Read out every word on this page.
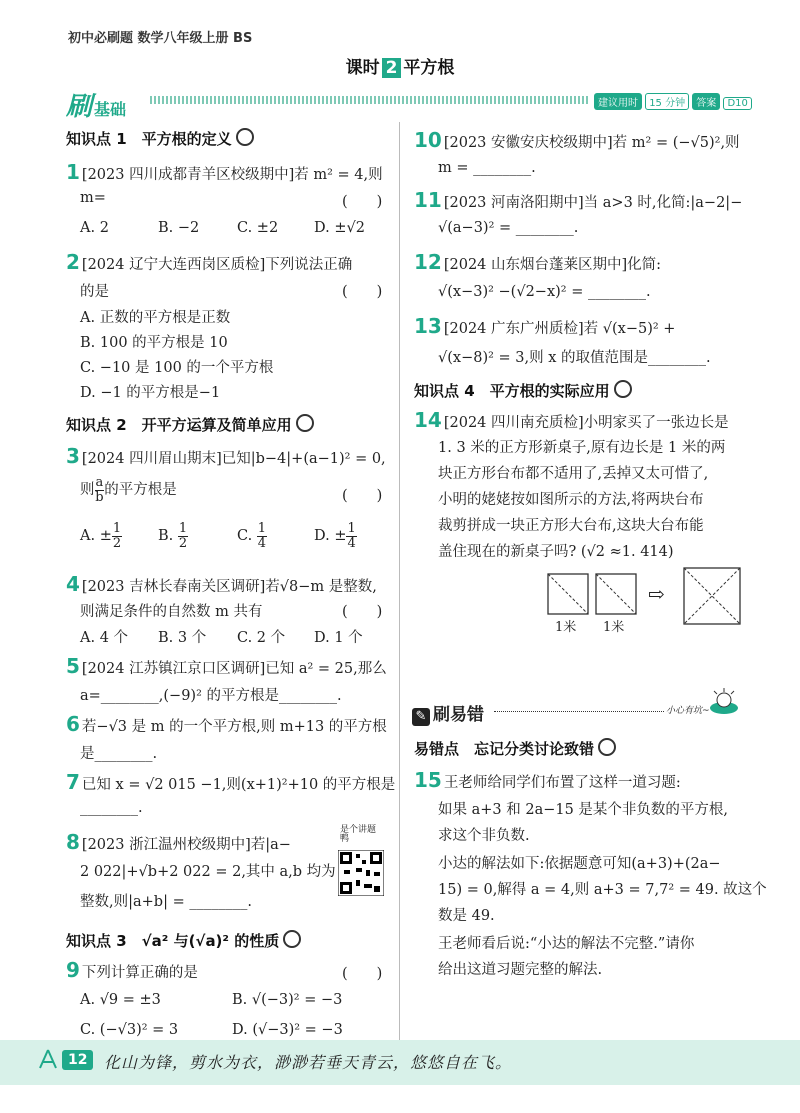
初中必刷题 数学八年级上册 BS
课时 2 平方根
刷基础	建议用时 15 分钟 答案 D10
知识点 1　平方根的定义
1 [2023 四川成都青羊区校级期中]若 m² = 4,则
m=	(　　)
A. 2	B. −2	C. ±2 D. ±√2
2 [2024 辽宁大连西岗区质检]下列说法正确
的是	(　　)
A. 正数的平方根是正数
B. 100 的平方根是 10
C. −10 是 100 的一个平方根
D. −1 的平方根是−1
知识点 2　开平方运算及简单应用
3 [2024 四川眉山期末]已知|b−4|+(a−1)² = 0,
则 $\frac{a}{b}$ 的平方根是	(　　)
A. ± $\frac{1}{2} B$. $\frac{1}{2}$	C. $\frac{1}{4}$	D. ± $\frac{1}{4}$
4 [2023 吉林长春南关区调研]若√8−m 是整数,
则满足条件的自然数 m 共有	(　　)
A. 4 个 B. 3 个 C. 2 个 D. 1 个
5 [2024 江苏镇江京口区调研]已知 a² = 25,那么
a=________,(−9)² 的平方根是________.
6 若−√3 是 m 的一个平方根,则 m+13 的平方根
是________.
7 已知 x = √2 015 −1,则(x+1)²+10 的平方根是
________.
8 [2023 浙江温州校级期中]若|a−
2 022|+√b+2 022 = 2,其中 a,b 均为
整数,则|a+b| = ________.
是个讲题鸭
知识点 3　√a² 与(√a)² 的性质
9 下列计算正确的是	(　　)
A. √9 = ±3	B. √(−3)² = −3
C. (−√3)² = 3	D. (√−3)² = −3
10 [2023 安徽安庆校级期中]若 m² = (−√5)²,则
m = ________.
11 [2023 河南洛阳期中]当 a>3 时,化简:|a−2|−
√(a−3)² = ________.
12 [2024 山东烟台蓬莱区期中]化简:
√(x−3)² −(√2−x)² = ________.
13 [2024 广东广州质检]若 √(x−5)² +
√(x−8)² = 3,则 x 的取值范围是________.
知识点 4　平方根的实际应用
14 [2024 四川南充质检]小明家买了一张边长是
1. 3 米的正方形新桌子,原有边长是 1 米的两
块正方形台布都不适用了,丢掉又太可惜了,
小明的姥姥按如图所示的方法,将两块台布
裁剪拼成一块正方形大台布,这块大台布能
盖住现在的新桌子吗? (√2 ≈1. 414)
⇨
1米 1米
✎ 刷易错	小心有坑~
易错点　忘记分类讨论致错
15 王老师给同学们布置了这样一道习题:
如果 a+3 和 2a−15 是某个非负数的平方根,
求这个非负数.
小达的解法如下:依据题意可知(a+3)+(2a−
15) = 0,解得 a = 4,则 a+3 = 7,7² = 49. 故这个
数是 49.
王老师看后说:“小达的解法不完整.”请你
给出这道习题完整的解法.
12	化山为锋，剪水为衣，渺渺若垂天青云，悠悠自在飞。
